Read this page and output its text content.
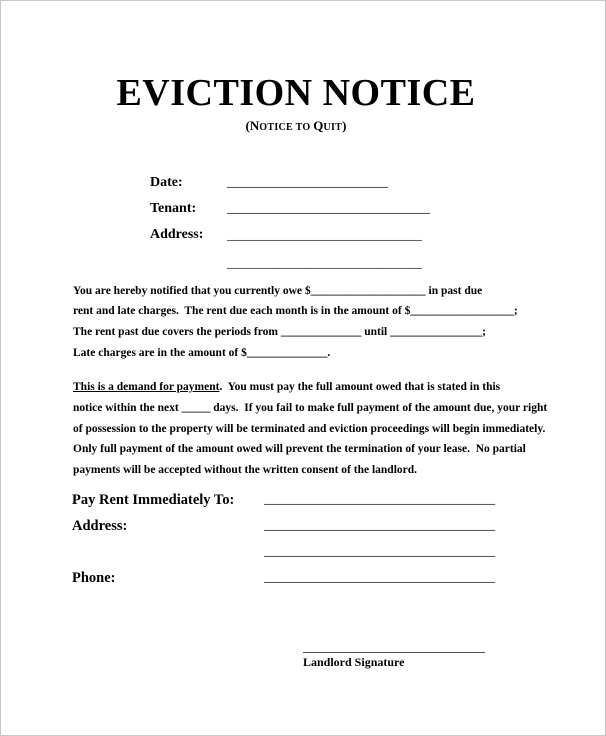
EVICTION NOTICE
(NOTICE TO QUIT)
Date:	_______________________
Tenant: _____________________________
Address: ______________________________
______________________________
You are hereby notified that you currently owe $____________________ in past due
rent and late charges.  The rent due each month is in the amount of $__________________;
The rent past due covers the periods from ______________ until ________________;
Late charges are in the amount of $______________.
This is a demand for payment.  You must pay the full amount owed that is stated in this
notice within the next _____ days.  If you fail to make full payment of the amount due, your right
of possession to the property will be terminated and eviction proceedings will begin immediately.
Only full payment of the amount owed will prevent the termination of your lease.  No partial
payments will be accepted without the written consent of the landlord.
Pay Rent Immediately To: _________________________________
Address:	_________________________________
_________________________________
Phone:	_________________________________
Landlord Signature
